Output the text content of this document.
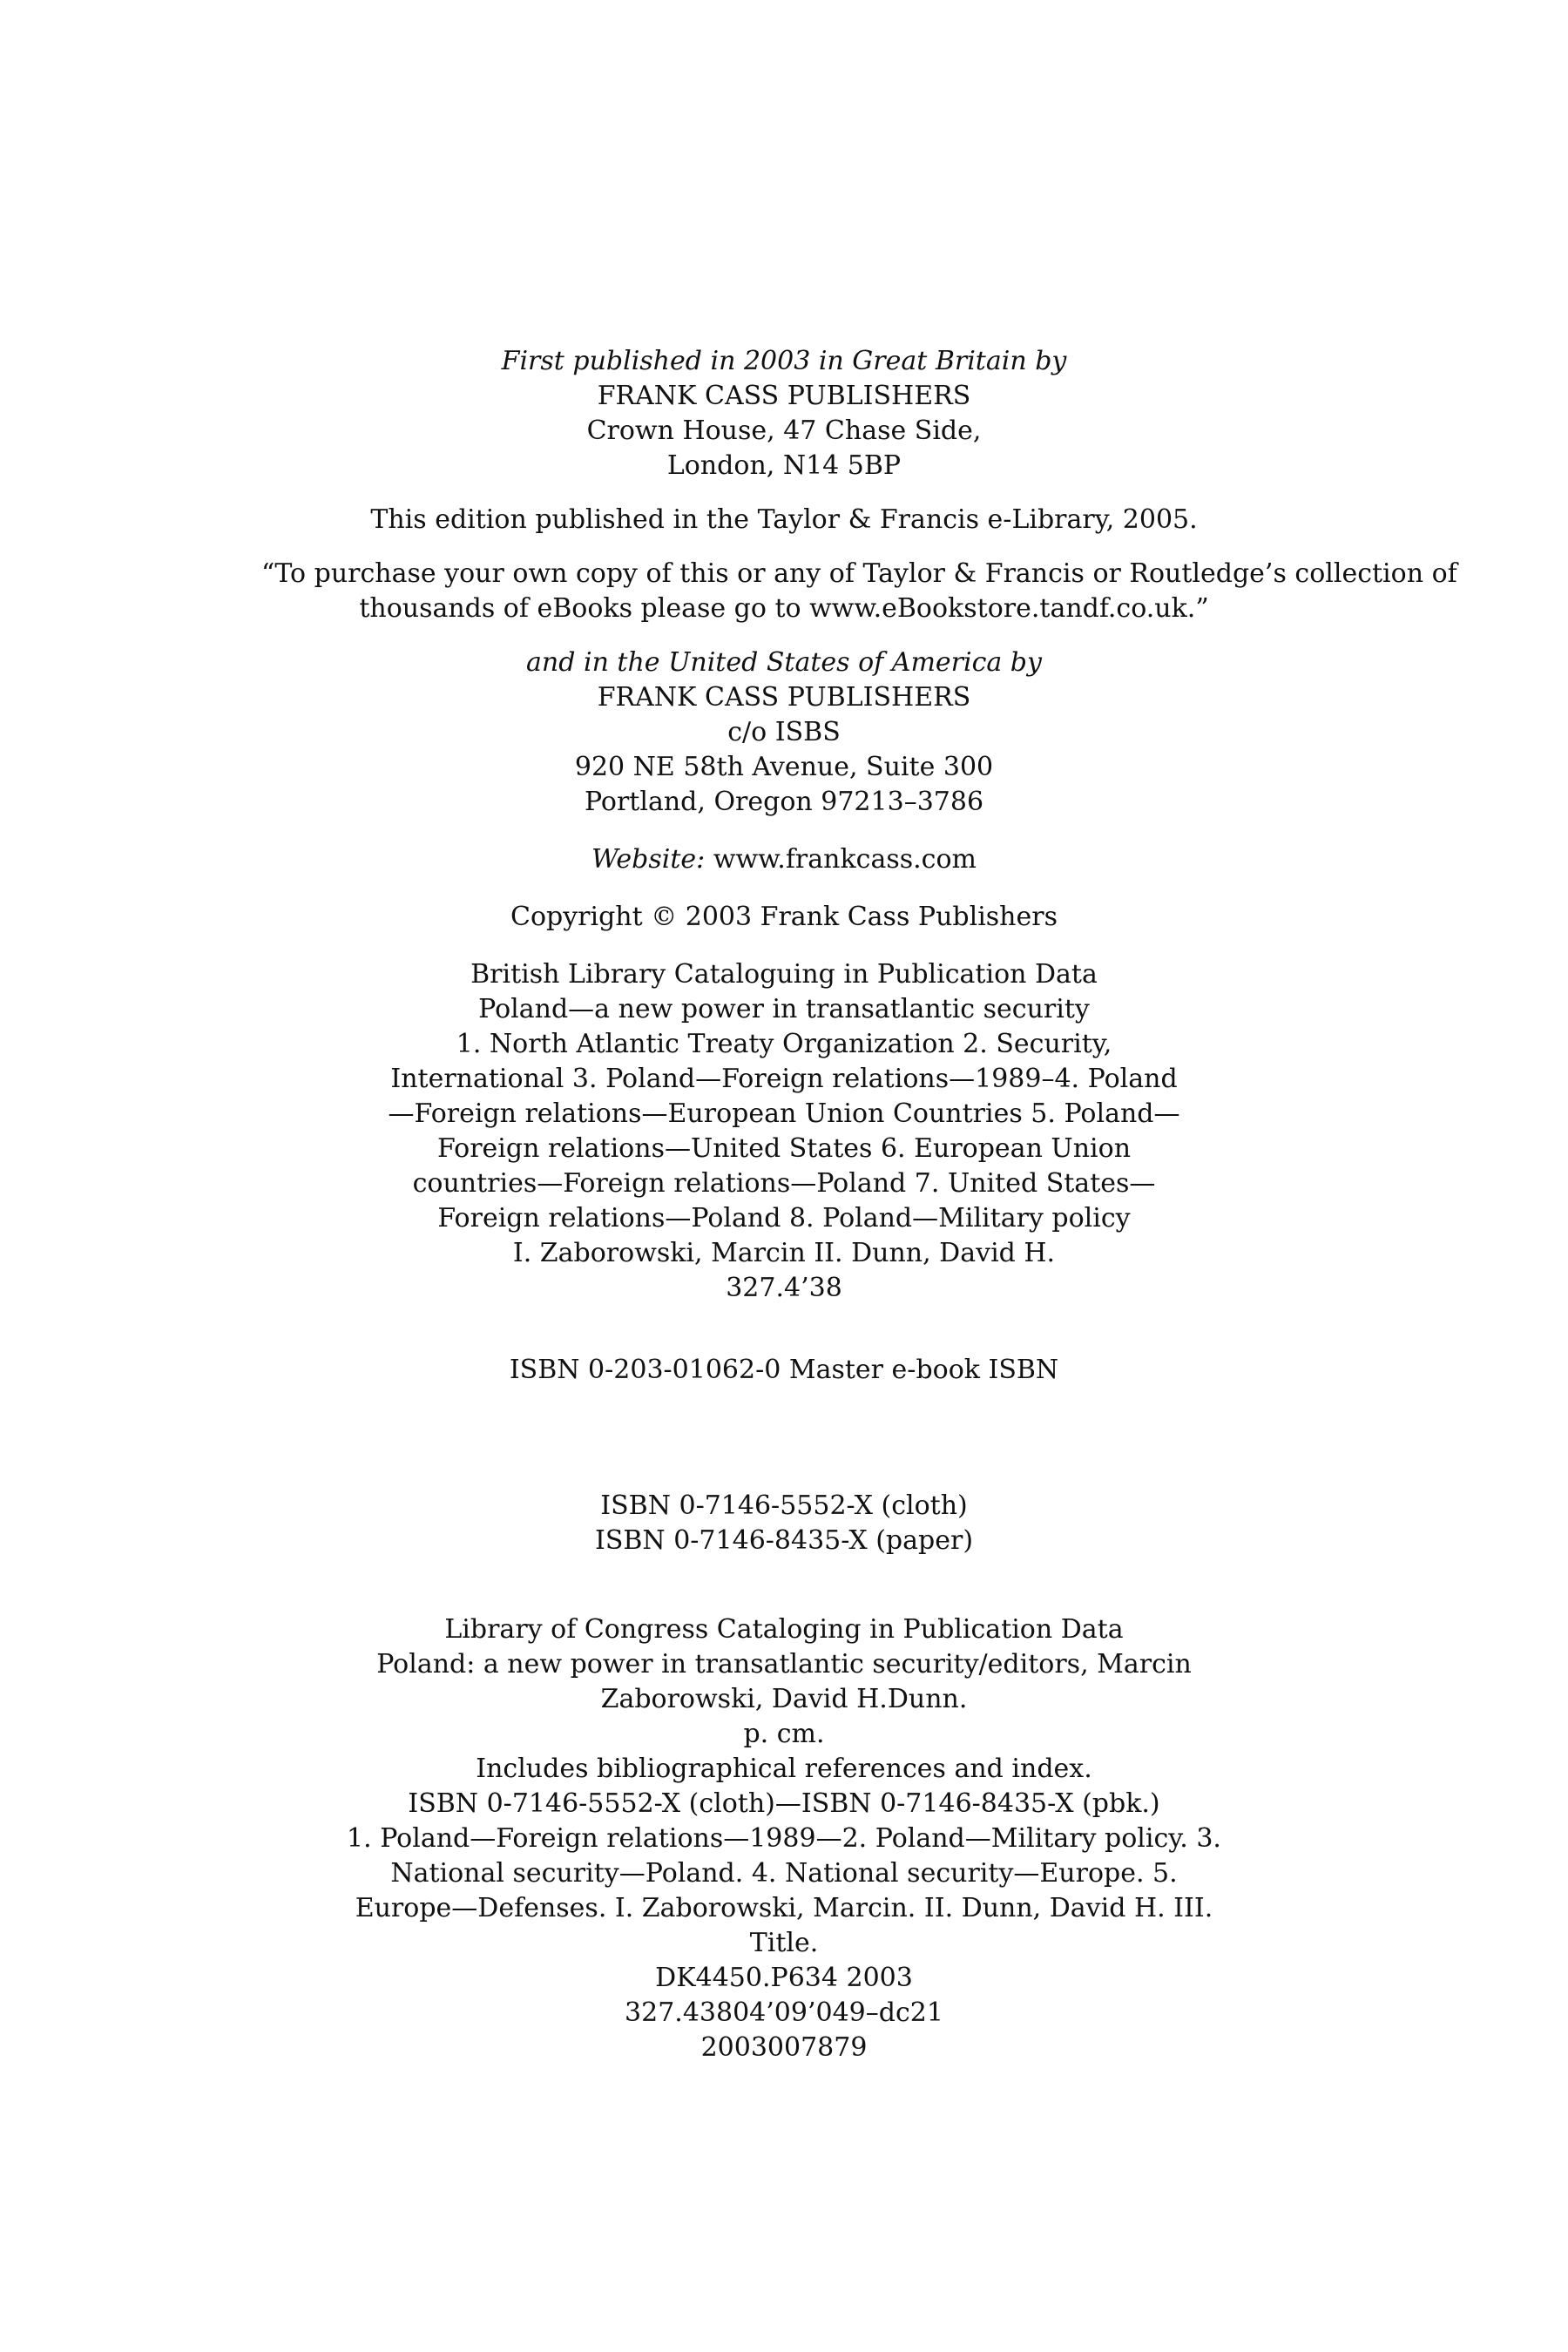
First published in 2003 in Great Britain by
FRANK CASS PUBLISHERS
Crown House, 47 Chase Side,
London, N14 5BP
This edition published in the Taylor & Francis e-Library, 2005.
“To purchase your own copy of this or any of Taylor & Francis or Routledge’s collection of
thousands of eBooks please go to www.eBookstore.tandf.co.uk.”
and in the United States of America by
FRANK CASS PUBLISHERS
c/o ISBS
920 NE 58th Avenue, Suite 300
Portland, Oregon 97213–3786
Website: www.frankcass.com
Copyright © 2003 Frank Cass Publishers
British Library Cataloguing in Publication Data
Poland—a new power in transatlantic security
1. North Atlantic Treaty Organization 2. Security,
International 3. Poland—Foreign relations—1989–4. Poland
—Foreign relations—European Union Countries 5. Poland—
Foreign relations—United States 6. European Union
countries—Foreign relations—Poland 7. United States—
Foreign relations—Poland 8. Poland—Military policy
I. Zaborowski, Marcin II. Dunn, David H.
327.4’38
ISBN 0-203-01062-0 Master e-book ISBN
ISBN 0-7146-5552-X (cloth)
ISBN 0-7146-8435-X (paper)
Library of Congress Cataloging in Publication Data
Poland: a new power in transatlantic security/editors, Marcin
Zaborowski, David H.Dunn.
p. cm.
Includes bibliographical references and index.
ISBN 0-7146-5552-X (cloth)—ISBN 0-7146-8435-X (pbk.)
1. Poland—Foreign relations—1989—2. Poland—Military policy. 3.
National security—Poland. 4. National security—Europe. 5.
Europe—Defenses. I. Zaborowski, Marcin. II. Dunn, David H. III.
Title.
DK4450.P634 2003
327.43804’09’049–dc21
2003007879
